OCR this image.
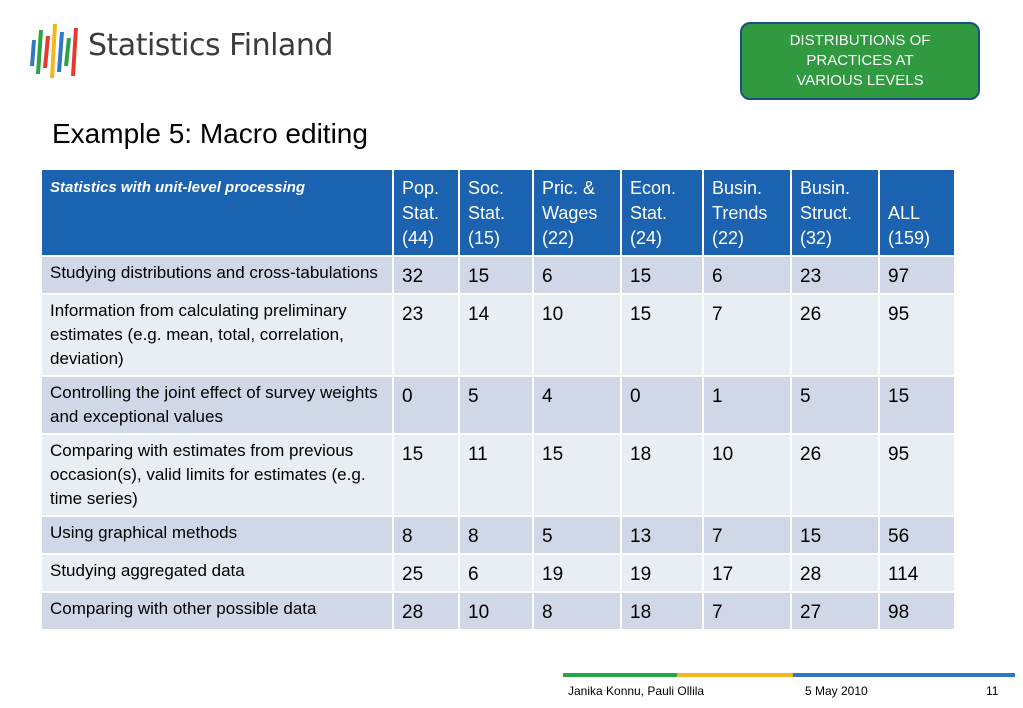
Statistics Finland	DISTRIBUTIONS OF
PRACTICES AT
VARIOUS LEVELS
Example 5: Macro editing
Statistics with unit-level processing	Pop.
Stat.
(44)	Soc.
Stat.
(15)	Pric. &
Wages
(22)	Econ.
Stat.
(24)	Busin.
Trends
(22)	Busin.
Struct.
(32)	ALL
(159)
Studying distributions and cross-tabulations	32	15	6	15	6	23	97
Information from calculating preliminary estimates (e.g. mean, total, correlation, deviation)	23	14	10	15	7	26	95
Controlling the joint effect of survey weights and exceptional values	0	5	4	0	1	5	15
Comparing with estimates from previous occasion(s), valid limits for estimates (e.g. time series)	15	11	15	18	10	26	95
Using graphical methods	8	8	5	13	7	15	56
Studying aggregated data	25	6	19	19	17	28	114
Comparing with other possible data	28	10	8	18	7	27	98
Janika Konnu, Pauli Ollila	5 May 2010	11
